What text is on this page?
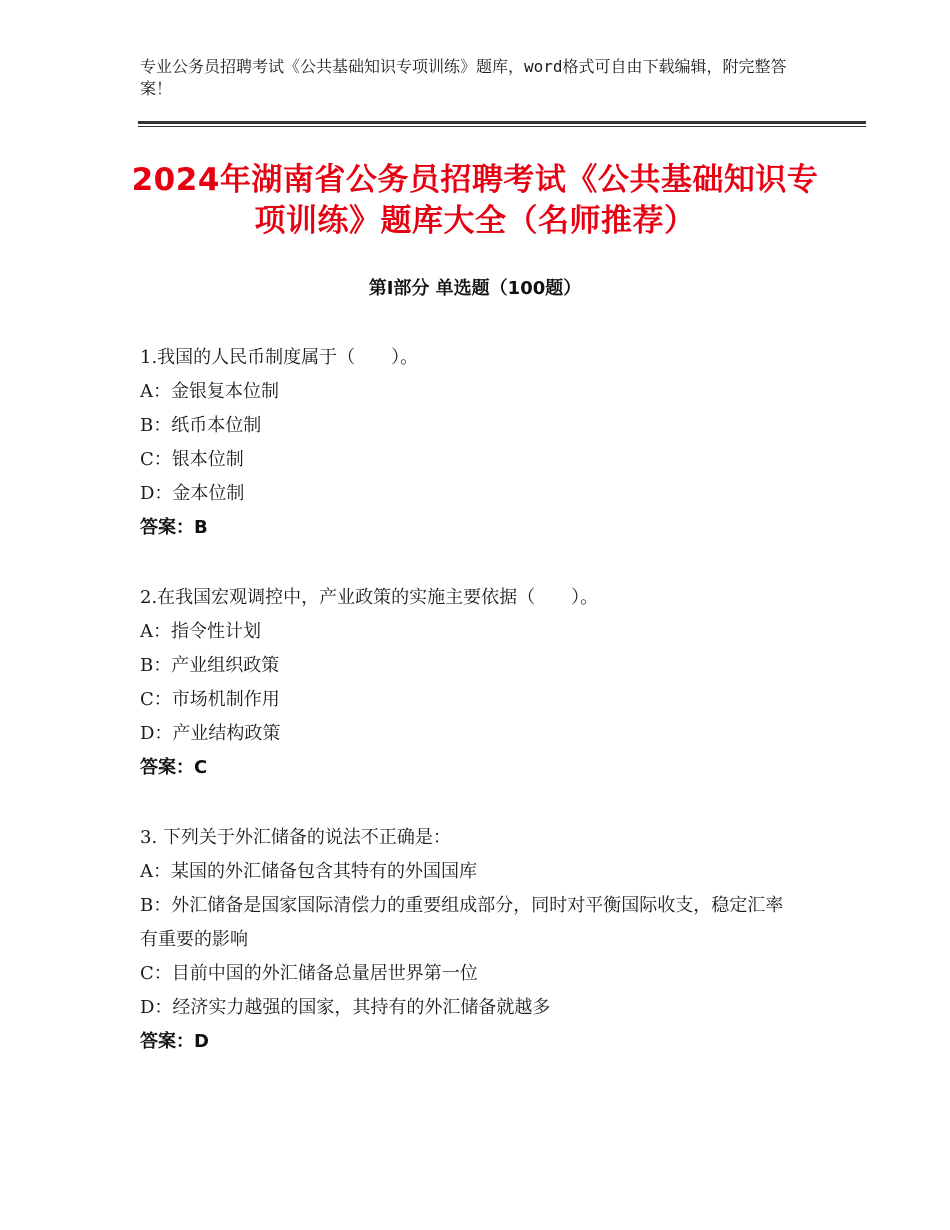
专业公务员招聘考试《公共基础知识专项训练》题库，word格式可自由下载编辑，附完整答案！
2024年湖南省公务员招聘考试《公共基础知识专项训练》题库大全（名师推荐）
第Ⅰ部分 单选题（100题）
1.我国的人民币制度属于（　　）。
A：金银复本位制
B：纸币本位制
C：银本位制
D：金本位制
答案：B
2.在我国宏观调控中，产业政策的实施主要依据（　　）。
A：指令性计划
B：产业组织政策
C：市场机制作用
D：产业结构政策
答案：C
3. 下列关于外汇储备的说法不正确是：
A：某国的外汇储备包含其特有的外国国库
B：外汇储备是国家国际清偿力的重要组成部分，同时对平衡国际收支，稳定汇率有重要的影响
C：目前中国的外汇储备总量居世界第一位
D：经济实力越强的国家，其持有的外汇储备就越多
答案：D
